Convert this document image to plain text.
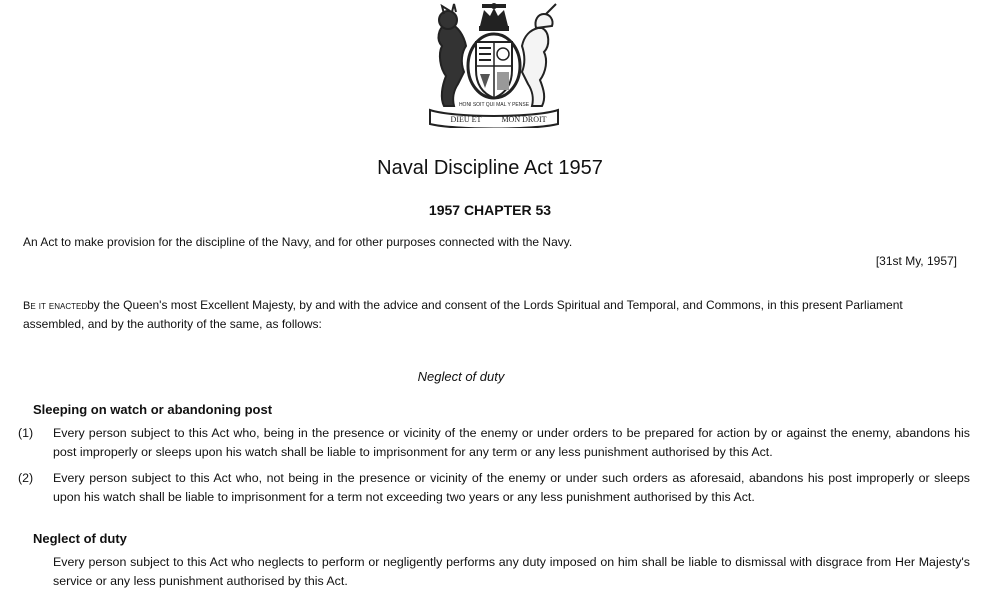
HONI SOIT QUI MAL Y PENSE
DIEU ET	MON DROIT
Naval Discipline Act 1957
1957 CHAPTER 53
An Act to make provision for the discipline of the Navy, and for other purposes connected with the Navy.
[31st My, 1957]
Be it enactedby the Queen's most Excellent Majesty, by and with the advice and consent of the Lords Spiritual and Temporal, and Commons, in this present Parliament assembled, and by the authority of the same, as follows:
Neglect of duty
Sleeping on watch or abandoning post
(1) Every person subject to this Act who, being in the presence or vicinity of the enemy or under orders to be prepared for action by or against the enemy, abandons his post improperly or sleeps upon his watch shall be liable to imprisonment for any term or any less punishment authorised by this Act.
(2) Every person subject to this Act who, not being in the presence or vicinity of the enemy or under such orders as aforesaid, abandons his post improperly or sleeps upon his watch shall be liable to imprisonment for a term not exceeding two years or any less punishment authorised by this Act.
Neglect of duty
Every person subject to this Act who neglects to perform or negligently performs any duty imposed on him shall be liable to dismissal with disgrace from Her Majesty's service or any less punishment authorised by this Act.
